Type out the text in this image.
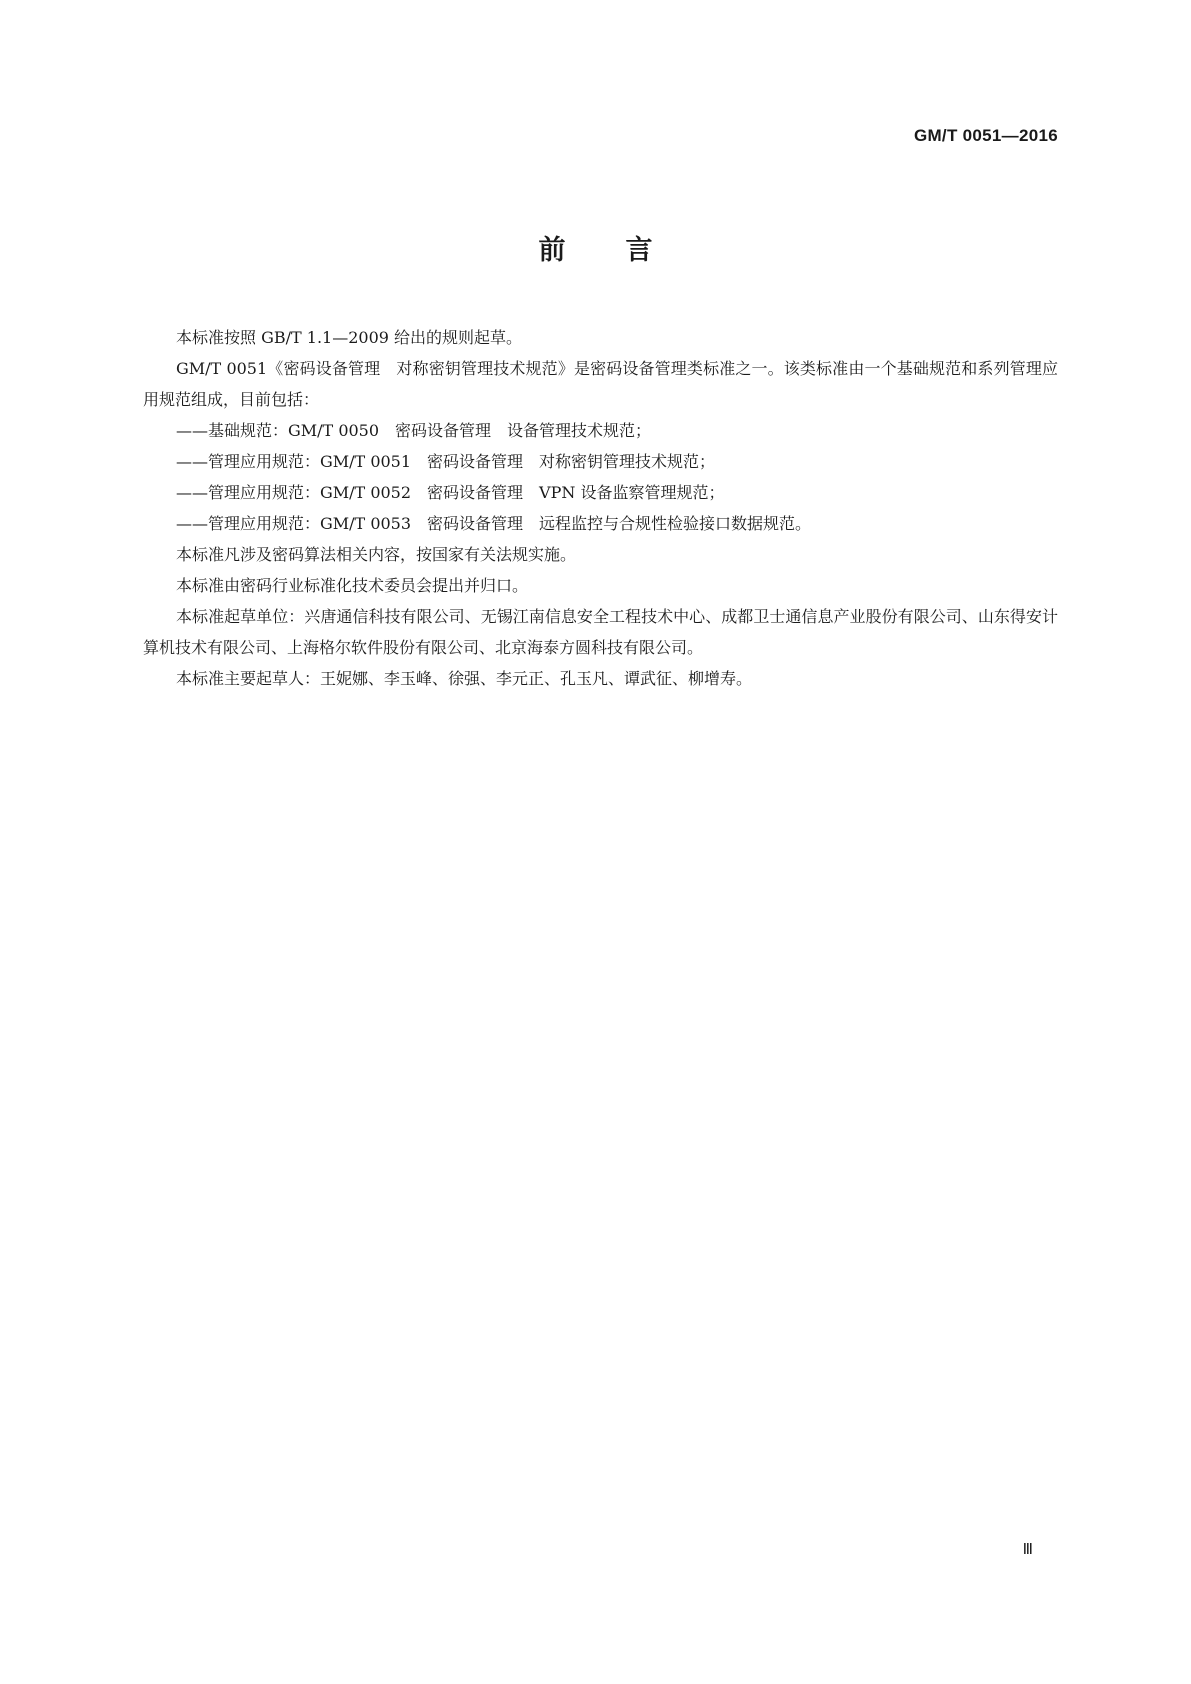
GM/T 0051—2016
前言

本标准按照 GB/T 1.1—2009 给出的规则起草。

GM/T 0051《密码设备管理　对称密钥管理技术规范》是密码设备管理类标准之一。该类标准由一个基础规范和系列管理应用规范组成，目前包括：

——基础规范：GM/T 0050　密码设备管理　设备管理技术规范；
——管理应用规范：GM/T 0051　密码设备管理　对称密钥管理技术规范；
——管理应用规范：GM/T 0052　密码设备管理　VPN 设备监察管理规范；
——管理应用规范：GM/T 0053　密码设备管理　远程监控与合规性检验接口数据规范。

本标准凡涉及密码算法相关内容，按国家有关法规实施。

本标准由密码行业标准化技术委员会提出并归口。

本标准起草单位：兴唐通信科技有限公司、无锡江南信息安全工程技术中心、成都卫士通信息产业股份有限公司、山东得安计算机技术有限公司、上海格尔软件股份有限公司、北京海泰方圆科技有限公司。

本标准主要起草人：王妮娜、李玉峰、徐强、李元正、孔玉凡、谭武征、柳增寿。

Ⅲ
